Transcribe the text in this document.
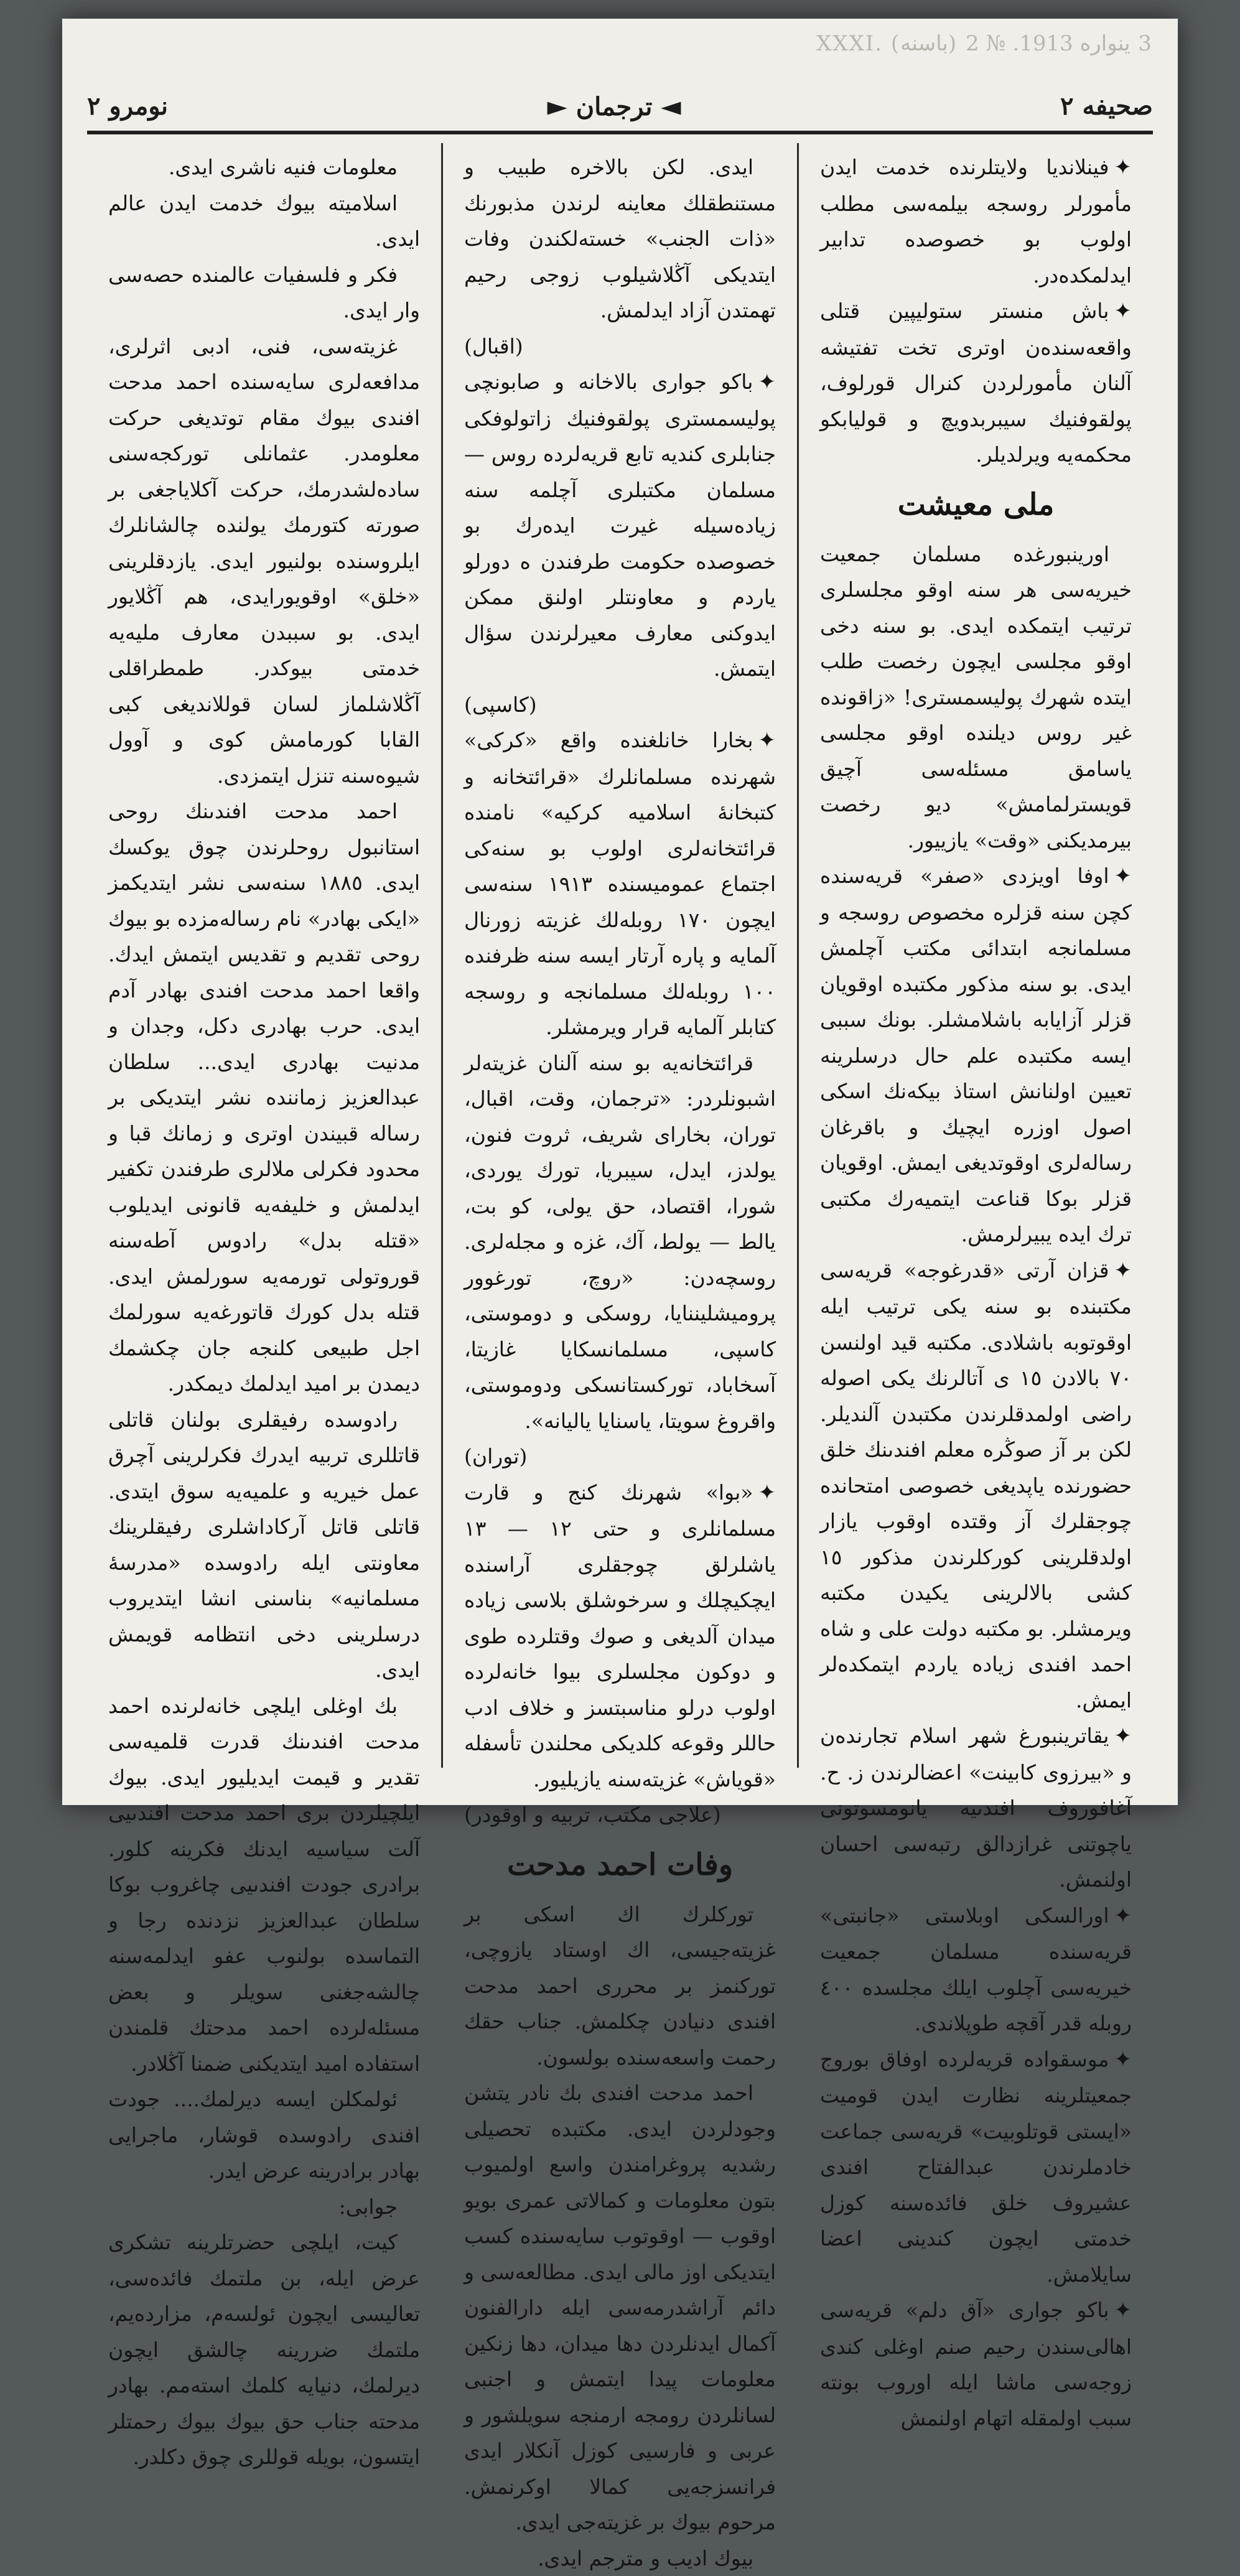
XXXI. (ﺑﺎﺳﻨﻪ) 3 ﻳﻨﻮﺍﺭﻩ 1913. № 2
ﺻﺤﻴﻔﻪ ٢
◄ ﺗﺮﺟﻤﺎﻥ ►
ﻧﻮﻣﺮﻭ ٢

✦ﻓﻴﻨﻠﺎﻧﺪﻳﺎ ﻭﻟﺎﻳﺘﻠﺮﻧﺪﻩ ﺧﺪﻣﺖ ﺍﻳﺪﻥ ﻣﺄﻣﻮﺭﻟﺮ ﺭﻭﺳﺠﻪ ﺑﻴﻠﻤﻪﺳﻰ ﻣﻄﻠﺐ ﺍﻭﻟﻮﺏ ﺑﻮ ﺧﺼﻮﺻﺪﻩ ﺗﺪﺍﺑﻴﺮ ﺍﻳﺪﻟﻤﻜﺪﻩﺩﺭ.

✦ﺑﺎﺵ ﻣﻨﺴﺘﺮ ﺳﺘﻮﻟﻴﭙﻴﻦ ﻗﺘﻠﻰ ﻭﺍﻗﻌﻪﺳﻨﺪﻩﻥ ﺍﻭﺗﺮﻯ ﺗﺨﺖ ﺗﻔﺘﻴﺸﻪ ﺁﻟﻨﺎﻥ ﻣﺄﻣﻮﺭﻟﺮﺩﻥ ﻛﻨﺮﺍﻝ ﻗﻮﺭﻟﻮﻑ، ﭘﻮﻟﻘﻮﻓﻨﻴﻚ ﺳﻴﺒﺮﺑﺪﻭﻳﭻ ﻭ ﻗﻮﻟﻴﺎﺑﻜﻮ ﻣﺤﻜﻤﻪﻳﻪ ﻭﻳﺮﻟﺪﻳﻠﺮ.

ﻣﻠﻰ ﻣﻌﻴﺸﺖ

ﺍﻭﺭﻳﻨﺒﻮﺭﻏﺪﻩ ﻣﺴﻠﻤﺎﻥ ﺟﻤﻌﻴﺖ ﺧﻴﺮﻳﻪﺳﻰ ﻫﺮ ﺳﻨﻪ ﺍﻭﻗﻮ ﻣﺠﻠﺴﻠﺮﻯ ﺗﺮﺗﻴﺐ ﺍﻳﺘﻤﻜﺪﻩ ﺍﻳﺪﻯ. ﺑﻮ ﺳﻨﻪ ﺩﺧﻰ ﺍﻭﻗﻮ ﻣﺠﻠﺴﻰ ﺍﻳﭽﻮﻥ ﺭﺧﺼﺖ ﻃﻠﺐ ﺍﻳﺘﺪﻩ ﺷﻬﺮﻙ ﭘﻮﻟﻴﺴﻤﺴﺘﺮﻯ! «ﺯﺍﻗﻮﻧﺪﻩ ﻏﻴﺮ ﺭﻭﺱ ﺩﻳﻠﻨﺪﻩ ﺍﻭﻗﻮ ﻣﺠﻠﺴﻰ ﻳﺎﺳﺎﻣﻖ ﻣﺴﺌﻠﻪﺳﻰ ﺁﭼﻴﻖ ﻗﻮﻳﺴﺘﺮﻟﻤﺎﻣﺶ» ﺩﻳﻮ ﺭﺧﺼﺖ ﺑﻴﺮﻣﺪﻳﻜﻨﻰ «ﻭﻗﺖ» ﻳﺎﺯﻳﻴﻮﺭ.

✦ﺍﻭﻓﺎ ﺍﻭﻳﺰﺩﻯ «ﺻﻔﺮ» ﻗﺮﻳﻪﺳﻨﺪﻩ ﻛﭽﻦ ﺳﻨﻪ ﻗﺰﻟﺮﻩ ﻣﺨﺼﻮﺹ ﺭﻭﺳﺠﻪ ﻭ ﻣﺴﻠﻤﺎﻧﺠﻪ ﺍﺑﺘﺪﺍﺋﻰ ﻣﻜﺘﺐ ﺁﭼﻠﻤﺶ ﺍﻳﺪﻯ. ﺑﻮ ﺳﻨﻪ ﻣﺬﻛﻮﺭ ﻣﻜﺘﺒﺪﻩ ﺍﻭﻗﻮﻳﺎﻥ ﻗﺰﻟﺮ ﺁﺯﺍﻳﺎﺑﻪ ﺑﺎﺷﻠﺎﻣﺸﻠﺮ. ﺑﻮﻧﻚ ﺳﺒﺒﻰ ﺍﻳﺴﻪ ﻣﻜﺘﺒﺪﻩ ﻋﻠﻢ ﺣﺎﻝ ﺩﺭﺳﻠﺮﻳﻨﻪ ﺗﻌﻴﻴﻦ ﺍﻭﻟﻨﺎﻧﺶ ﺍﺳﺘﺎﺫ ﺑﻴﻜﻪﻧﻚ ﺍﺳﻜﻰ ﺍﺻﻮﻝ ﺍﻭﺯﺭﻩ ﺍﻳﭽﻴﻚ ﻭ ﺑﺎﻗﺮﻏﺎﻥ ﺭﺳﺎﻟﻪﻟﺮﻯ ﺍﻭﻗﻮﺗﺪﻳﻐﻰ ﺍﻳﻤﺶ. ﺍﻭﻗﻮﻳﺎﻥ ﻗﺰﻟﺮ ﺑﻮﻛﺎ ﻗﻨﺎﻋﺖ ﺍﻳﺘﻤﻴﻪﺭﻙ ﻣﻜﺘﺒﻰ ﺗﺮﻙ ﺍﻳﺪﻩ ﻳﺒﻴﺮﻟﺮﻣﺶ.

✦ﻗﺰﺍﻥ ﺁﺭﺗﻰ «ﻗﺪﺭﻏﻮﺟﻪ» ﻗﺮﻳﻪﺳﻰ ﻣﻜﺘﺒﻨﺪﻩ ﺑﻮ ﺳﻨﻪ ﻳﻜﻰ ﺗﺮﺗﻴﺐ ﺍﻳﻠﻪ ﺍﻭﻗﻮﺗﻮﺑﻪ ﺑﺎﺷﻠﺎﺩﻯ. ﻣﻜﺘﺒﻪ ﻗﻴﺪ ﺍﻭﻟﻨﺴﻦ ٧٠ ﺑﺎﻟﺎﺩﻥ ١٥ ﻯ ﺁﺗﺎﻟﺮﻧﻚ ﻳﻜﻰ ﺍﺻﻮﻟﻪ ﺭﺍﺿﻰ ﺍﻭﻟﻤﺪﻗﻠﺮﻧﺪﻥ ﻣﻜﺘﺒﺪﻥ ﺁﻟﻨﺪﻳﻠﺮ. ﻟﻜﻦ ﺑﺮ ﺁﺯ ﺻﻮﯕﺮﻩ ﻣﻌﻠﻢ ﺍﻓﻨﺪﯨﻨﻚ ﺧﻠﻖ ﺣﻀﻮﺭﻧﺪﻩ ﻳﺎﭘﺪﻳﻐﻰ ﺧﺼﻮﺻﻰ ﺍﻣﺘﺤﺎﻧﺪﻩ ﭼﻮﺟﻘﻠﺮﻙ ﺁﺯ ﻭﻗﺘﺪﻩ ﺍﻭﻗﻮﺏ ﻳﺎﺯﺍﺭ ﺍﻭﻟﺪﻗﻠﺮﻳﻨﻰ ﻛﻮﺭﻛﻠﺮﻧﺪﻥ ﻣﺬﻛﻮﺭ ١٥ ﻛﺸﻰ ﺑﺎﻟﺎﻟﺮﻳﻨﻰ ﻳﻜﻴﺪﻥ ﻣﻜﺘﺒﻪ ﻭﻳﺮﻣﺸﻠﺮ. ﺑﻮ ﻣﻜﺘﺒﻪ ﺩﻭﻟﺖ ﻋﻠﻰ ﻭ ﺷﺎﻩ ﺍﺣﻤﺪ ﺍﻓﻨﺪﻯ ﺯﻳﺎﺩﻩ ﻳﺎﺭﺩﻡ ﺍﻳﺘﻤﻜﺪﻩﻟﺮ ﺍﻳﻤﺶ.

✦ﻳﻘﺎﺗﺮﻳﻨﺒﻮﺭﻍ ﺷﻬﺮ ﺍﺳﻠﺎﻡ ﺗﺠﺎﺭﻧﺪﻩﻥ ﻭ «ﺑﻴﺮﺯﻭﻯ ﻛﺎﺑﻴﻨﺖ» ﺍﻋﻀﺎﻟﺮﻧﺪﻥ ﺯ. ﺡ. ﺁﻏﺎﻓﻮﺭﻭﻑ ﺍﻓﻨﺪﯨﻴﻪ ﻳﺎﻧﻮﻣﺴﻮﺗﻮﻧﻰ ﻳﺎﭼﻮﺗﻨﻰ ﻏﺮﺍﺯﺩﺍﻟﻖ ﺭﺗﺒﻪﺳﻰ ﺍﺣﺴﺎﻥ ﺍﻭﻟﻨﻤﺶ.

✦ﺍﻭﺭﺍﻟﺴﻜﻰ ﺍﻭﺑﻠﺎﺳﺘﻰ «ﺟﺎﻧﺒﺘﻰ» ﻗﺮﻳﻪﺳﻨﺪﻩ ﻣﺴﻠﻤﺎﻥ ﺟﻤﻌﻴﺖ ﺧﻴﺮﻳﻪﺳﻰ ﺁﭼﻠﻮﺏ ﺍﻳﻠﻚ ﻣﺠﻠﺴﺪﻩ ٤٠٠ ﺭﻭﺑﻠﻪ ﻗﺪﺭ ﺁﻗﭽﻪ ﻃﻮﭘﻠﺎﻧﺪﻯ.

✦ﻣﻮﺳﻘﻮﺍﺩﻩ ﻗﺮﻳﻪﻟﺮﺩﻩ ﺍﻭﻓﺎﻕ ﺑﻮﺭﻭﺝ ﺟﻤﻌﻴﺘﻠﺮﻳﻨﻪ ﻧﻈﺎﺭﺕ ﺍﻳﺪﻥ ﻗﻮﻣﻴﺖ «ﺍﻳﺴﺘﻰ ﻗﻮﺗﻠﻮﺑﻴﺖ» ﻗﺮﻳﻪﺳﻰ ﺟﻤﺎﻋﺖ ﺧﺎﺩﻣﻠﺮﻧﺪﻥ ﻋﺒﺪﺍﻟﻔﺘﺎﺡ ﺍﻓﻨﺪﻯ ﻋﺸﻴﺮﻭﻑ ﺧﻠﻖ ﻓﺎﺋﺪﻩﺳﻨﻪ ﻛﻮﺯﻝ ﺧﺪﻣﺘﻰ ﺍﻳﭽﻮﻥ ﻛﻨﺪﻳﻨﻰ ﺍﻋﻀﺎ ﺳﺎﻳﻠﺎﻣﺶ.

✦ﺑﺎﻛﻮ ﺟﻮﺍﺭﻯ «ﺁﻕ ﺩﻟﻢ» ﻗﺮﻳﻪﺳﻰ ﺍﻫﺎﻟﻰﺳﻨﺪﻥ ﺭﺣﻴﻢ ﺻﻨﻢ ﺍﻭﻏﻠﻰ ﻛﻨﺪﻯ ﺯﻭﺟﻪﺳﻰ ﻣﺎﺷﺎ ﺍﻳﻠﻪ ﺍﻭﺭﻭﺏ ﺑﻮﻧﺘﻪ ﺳﺒﺐ ﺍﻭﻟﻤﻘﻠﻪ ﺍﺗﻬﺎﻡ ﺍﻭﻟﻨﻤﺶ

ﺍﻳﺪﻯ. ﻟﻜﻦ ﺑﺎﻟﺎﺧﺮﻩ ﻃﺒﻴﺐ ﻭ ﻣﺴﺘﻨﻄﻘﻠﻚ ﻣﻌﺎﻳﻨﻪ ﻟﺮﻧﺪﻥ ﻣﺬﺑﻮﺭﻧﻚ «ﺫﺍﺕ ﺍﻟﺠﻨﺐ» ﺧﺴﺘﻪﻟﻜﻨﺪﻥ ﻭﻓﺎﺕ ﺍﻳﺘﺪﻳﻜﻰ ﺁﯕﻠﺎﺷﻴﻠﻮﺏ ﺯﻭﺟﻰ ﺭﺣﻴﻢ ﺗﻬﻤﺘﺪﻥ ﺁﺯﺍﺩ ﺍﻳﺪﻟﻤﺶ.

(ﺍﻗﺒﺎﻝ)

✦ﺑﺎﻛﻮ ﺟﻮﺍﺭﻯ ﺑﺎﻟﺎﺧﺎﻧﻪ ﻭ ﺻﺎﺑﻮﻧﭽﻰ ﭘﻮﻟﻴﺴﻤﺴﺘﺮﻯ ﭘﻮﻟﻘﻮﻓﻨﻴﻚ ﺯﺍﺗﻮﻟﻮﻓﻜﻰ ﺟﻨﺎﺑﻠﺮﻯ ﻛﻨﺪﻳﻪ ﺗﺎﺑﻊ ﻗﺮﻳﻪﻟﺮﺩﻩ ﺭﻭﺱ — ﻣﺴﻠﻤﺎﻥ ﻣﻜﺘﺒﻠﺮﻯ ﺁﭼﻠﻤﻪ ﺳﻨﻪ ﺯﻳﺎﺩﻩﺳﻴﻠﻪ ﻏﻴﺮﺕ ﺍﻳﺪﻩﺭﻙ ﺑﻮ ﺧﺼﻮﺻﺪﻩ ﺣﻜﻮﻣﺖ ﻃﺮﻓﻨﺪﻥ ﻩ ﺩﻭﺭﻟﻮ ﻳﺎﺭﺩﻡ ﻭ ﻣﻌﺎﻭﻧﺘﻠﺮ ﺍﻭﻟﻨﻖ ﻣﻤﻜﻦ ﺍﻳﺪﻭﻛﻨﻰ ﻣﻌﺎﺭﻑ ﻣﻌﻴﺮﻟﺮﻧﺪﻥ ﺳﺆﺍﻝ ﺍﻳﺘﻤﺶ.

(ﻛﺎﺳﭙﻰ)

✦ﺑﺨﺎﺭﺍ ﺧﺎﻧﻠﻐﻨﺪﻩ ﻭﺍﻗﻊ «ﻛﺮﻛﻰ» ﺷﻬﺮﻧﺪﻩ ﻣﺴﻠﻤﺎﻧﻠﺮﻙ «ﻗﺮﺍﺋﺘﺨﺎﻧﻪ ﻭ ﻛﺘﺒﺨﺎﻧﻪٔ ﺍﺳﻠﺎﻣﻴﻪ ﻛﺮﻛﻴﻪ» ﻧﺎﻣﻨﺪﻩ ﻗﺮﺍﺋﺘﺨﺎﻧﻪﻟﺮﻯ ﺍﻭﻟﻮﺏ ﺑﻮ ﺳﻨﻪﻛﻰ ﺍﺟﺘﻤﺎﻉ ﻋﻤﻮﻣﻴﺴﻨﺪﻩ ١٩١٣ ﺳﻨﻪﺳﻰ ﺍﻳﭽﻮﻥ ١٧٠ ﺭﻭﺑﻠﻪﻟﻚ ﻏﺰﻳﺘﻪ ﺯﻭﺭﻧﺎﻝ ﺁﻟﻤﺎﻳﻪ ﻭ ﭘﺎﺭﻩ ﺁﺭﺗﺎﺭ ﺍﻳﺴﻪ ﺳﻨﻪ ﻇﺮﻓﻨﺪﻩ ١٠٠ ﺭﻭﺑﻠﻪﻟﻚ ﻣﺴﻠﻤﺎﻧﺠﻪ ﻭ ﺭﻭﺳﺠﻪ ﻛﺘﺎﺑﻠﺮ ﺁﻟﻤﺎﻳﻪ ﻗﺮﺍﺭ ﻭﻳﺮﻣﺸﻠﺮ.

ﻗﺮﺍﺋﺘﺨﺎﻧﻪﻳﻪ ﺑﻮ ﺳﻨﻪ ﺁﻟﻨﺎﻥ ﻏﺰﻳﺘﻪﻟﺮ ﺍﺷﺒﻮﻧﻠﺮﺩﺭ: «ﺗﺮﺟﻤﺎﻥ، ﻭﻗﺖ، ﺍﻗﺒﺎﻝ، ﺗﻮﺭﺍﻥ، ﺑﺨﺎﺭﺍﻯ ﺷﺮﻳﻒ، ﺛﺮﻭﺕ ﻓﻨﻮﻥ، ﻳﻮﻟﺪﺯ، ﺍﻳﺪﻝ، ﺳﻴﺒﺮﻳﺎ، ﺗﻮﺭﻙ ﻳﻮﺭﺩﻯ، ﺷﻮﺭﺍ، ﺍﻗﺘﺼﺎﺩ، ﺣﻖ ﻳﻮﻟﻰ، ﻛﻮ ﺑﺖ، ﻳﺎﻟﻂ — ﻳﻮﻟﻂ، ﺁﻙ، ﻏﺰﻩ ﻭ ﻣﺠﻠﻪﻟﺮﻯ. ﺭﻭﺳﭽﻪﺩﻥ: «ﺭﻭﭺ، ﺗﻮﺭﻏﻮﻭﺭ ﭘﺮﻭﻣﻴﺸﻠﻴﻨﻨﺎﻳﺎ، ﺭﻭﺳﻜﻰ ﻭ ﺩﻭﻣﻮﺳﺘﻰ، ﻛﺎﺳﭙﻰ، ﻣﺴﻠﻤﺎﻧﺴﻜﺎﻳﺎ ﻏﺎﺯﻳﺘﺎ، ﺁﺳﺨﺎﺑﺎﺩ، ﺗﻮﺭﻛﺴﺘﺎﻧﺴﻜﻰ ﻭﺩﻭﻣﻮﺳﺘﻰ، ﻭﺍﻗﺮﻭﻍ ﺳﻮﻳﺘﺎ، ﻳﺎﺳﻨﺎﻳﺎ ﻳﺎﻟﻴﺎﻧﻪ».

(ﺗﻮﺭﺍﻥ)

✦«ﺑﻮﺍ» ﺷﻬﺮﻧﻚ ﻛﻨﺞ ﻭ ﻗﺎﺭﺕ ﻣﺴﻠﻤﺎﻧﻠﺮﻯ ﻭ ﺣﺘﻰ ١٢ — ١٣ ﻳﺎﺷﻠﺮﻟﻖ ﭼﻮﺟﻘﻠﺮﻯ ﺁﺭﺍﺳﻨﺪﻩ ﺍﻳﭽﻜﻴﭽﻠﻚ ﻭ ﺳﺮﺧﻮﺷﻠﻖ ﺑﻠﺎﺳﻰ ﺯﻳﺎﺩﻩ ﻣﻴﺪﺍﻥ ﺁﻟﺪﻳﻐﻰ ﻭ ﺻﻮﻙ ﻭﻗﺘﻠﺮﺩﻩ ﻃﻮﻯ ﻭ ﺩﻭﻛﻮﻥ ﻣﺠﻠﺴﻠﺮﻯ ﺑﻴﻮﺍ ﺧﺎﻧﻪﻟﺮﺩﻩ ﺍﻭﻟﻮﺏ ﺩﺭﻟﻮ ﻣﻨﺎﺳﺒﺘﺴﺰ ﻭ ﺧﻠﺎﻑ ﺍﺩﺏ ﺣﺎﻟﻠﺮ ﻭﻗﻮﻋﻪ ﻛﻠﺪﻳﻜﻰ ﻣﺤﻠﻨﺪﻥ ﺗﺄﺳﻔﻠﻪ «ﻗﻮﻳﺎﺵ» ﻏﺰﻳﺘﻪﺳﻨﻪ ﻳﺎﺯﻳﻠﻴﻮﺭ.

(ﻋﻠﺎﺟﻰ ﻣﻜﺘﺐ، ﺗﺮﺑﻴﻪ ﻭ ﺍﻭﻗﻮﺩﺭ)

ﻭﻓﺎﺕ ﺍﺣﻤﺪ ﻣﺪﺣﺖ

ﺗﻮﺭﻛﻠﺮﻙ ﺍﻙ ﺍﺳﻜﻰ ﺑﺮ ﻏﺰﻳﺘﻪﺟﻴﺴﻰ، ﺍﻙ ﺍﻭﺳﺘﺎﺩ ﻳﺎﺯﻭﭼﻰ، ﺗﻮﺭﻛﻨﻤﺰ ﺑﺮ ﻣﺤﺮﺭﻯ ﺍﺣﻤﺪ ﻣﺪﺣﺖ ﺍﻓﻨﺪﻯ ﺩﻧﻴﺎﺩﻥ ﭼﻜﻠﻤﺶ. ﺟﻨﺎﺏ ﺣﻘﻚ ﺭﺣﻤﺖ ﻭﺍﺳﻌﻪﺳﻨﺪﻩ ﺑﻮﻟﺴﻮﻥ.

ﺍﺣﻤﺪ ﻣﺪﺣﺖ ﺍﻓﻨﺪﻯ ﺑﻚ ﻧﺎﺩﺭ ﻳﺘﺸﻦ ﻭﺟﻮﺩﻟﺮﺩﻥ ﺍﻳﺪﻯ. ﻣﻜﺘﺒﺪﻩ ﺗﺤﺼﻴﻠﻰ ﺭﺷﺪﻳﻪ ﭘﺮﻭﻏﺮﺍﻣﻨﺪﻥ ﻭﺍﺳﻊ ﺍﻭﻟﻤﻴﻮﺏ ﺑﺘﻮﻥ ﻣﻌﻠﻮﻣﺎﺕ ﻭ ﻛﻤﺎﻟﺎﺗﻰ ﻋﻤﺮﻯ ﺑﻮﻳﻮ ﺍﻭﻗﻮﺏ — ﺍﻭﻗﻮﺗﻮﺏ ﺳﺎﻳﻪﺳﻨﺪﻩ ﻛﺴﺐ ﺍﻳﺘﺪﻳﻜﻰ ﺍﻭﺯ ﻣﺎﻟﻰ ﺍﻳﺪﻯ. ﻣﻄﺎﻟﻌﻪﺳﻰ ﻭ ﺩﺍﺋﻢ ﺁﺭﺍﺷﺪﺭﻣﻪﺳﻰ ﺍﻳﻠﻪ ﺩﺍﺭﺍﻟﻔﻨﻮﻥ ﺁﻛﻤﺎﻝ ﺍﻳﺪﻧﻠﺮﺩﻥ ﺩﻫﺎ ﻣﻴﺪﺍﻥ، ﺩﻫﺎ ﺯﻧﻜﻴﻦ ﻣﻌﻠﻮﻣﺎﺕ ﭘﻴﺪﺍ ﺍﻳﺘﻤﺶ ﻭ ﺍﺟﻨﺒﻰ ﻟﺴﺎﻧﻠﺮﺩﻥ ﺭﻭﻣﺠﻪ ﺍﺭﻣﻨﺠﻪ ﺳﻮﻳﻠﺸﻮﺭ ﻭ ﻋﺮﺑﻰ ﻭ ﻓﺎﺭﺳﻴﻰ ﻛﻮﺯﻝ ﺁﻧﻜﻠﺎﺭ ﺍﻳﺪﻯ ﻓﺮﺍﻧﺴﺰﺟﻪﻳﻰ ﻛﻤﺎﻟﺎ ﺍﻭﻛﺮﻧﻤﺶ. ﻣﺮﺣﻮﻡ ﺑﻴﻮﻙ ﺑﺮ ﻏﺰﻳﺘﻪﺟﻰ ﺍﻳﺪﻯ.

ﺑﻴﻮﻙ ﺍﺩﻳﺐ ﻭ ﻣﺘﺮﺟﻢ ﺍﻳﺪﻯ.

ﻣﻌﻠﻮﻣﺎﺕ ﻓﻨﻴﻪ ﻧﺎﺷﺮﻯ ﺍﻳﺪﻯ.

ﺍﺳﻠﺎﻣﻴﺘﻪ ﺑﻴﻮﻙ ﺧﺪﻣﺖ ﺍﻳﺪﻥ ﻋﺎﻟﻢ ﺍﻳﺪﻯ.

ﻓﻜﺮ ﻭ ﻓﻠﺴﻔﻴﺎﺕ ﻋﺎﻟﻤﻨﺪﻩ ﺣﺼﻪﺳﻰ ﻭﺍﺭ ﺍﻳﺪﻯ.

ﻏﺰﻳﺘﻪﺳﻰ، ﻓﻨﻰ، ﺍﺩﺑﻰ ﺍﺛﺮﻟﺮﻯ، ﻣﺪﺍﻓﻌﻪﻟﺮﻯ ﺳﺎﻳﻪﺳﻨﺪﻩ ﺍﺣﻤﺪ ﻣﺪﺣﺖ ﺍﻓﻨﺪﻯ ﺑﻴﻮﻙ ﻣﻘﺎﻡ ﺗﻮﺗﺪﻳﻐﻰ ﺣﺮﻛﺖ ﻣﻌﻠﻮﻣﺪﺭ. ﻋﺜﻤﺎﻧﻠﻰ ﺗﻮﺭﻛﺠﻪﺳﻨﻰ ﺳﺎﺩﻩﻟﺸﺪﺭﻣﻚ، ﺣﺮﻛﺖ ﺁﻛﻠﺎﻳﺎﺟﻐﻰ ﺑﺮ ﺻﻮﺭﺗﻪ ﻛﺘﻮﺭﻣﻚ ﻳﻮﻟﻨﺪﻩ ﭼﺎﻟﺸﺎﻧﻠﺮﻙ ﺍﻳﻠﺮﻭﺳﻨﺪﻩ ﺑﻮﻟﻨﻴﻮﺭ ﺍﻳﺪﻯ. ﻳﺎﺯﺩﻗﻠﺮﻳﻨﻰ «ﺧﻠﻖ» ﺍﻭﻗﻮﻳﻮﺭﺍﻳﺪﻯ، ﻫﻢ ﺁﯕﻠﺎﻳﻮﺭ ﺍﻳﺪﻯ. ﺑﻮ ﺳﺒﺒﺪﻥ ﻣﻌﺎﺭﻑ ﻣﻠﻴﻪﻳﻪ ﺧﺪﻣﺘﻰ ﺑﻴﻮﻛﺪﺭ. ﻃﻤﻄﺮﺍﻗﻠﻰ ﺁﯕﻠﺎﺷﻠﻤﺎﺯ ﻟﺴﺎﻥ ﻗﻮﻟﻠﺎﻧﺪﻳﻐﻰ ﻛﺒﻰ ﺍﻟﻘﺎﺑﺎ ﻛﻮﺭﻣﺎﻣﺶ ﻛﻮﻯ ﻭ ﺁﻭﻭﻝ ﺷﻴﻮﻩﺳﻨﻪ ﺗﻨﺰﻝ ﺍﻳﺘﻤﺰﺩﻯ.

ﺍﺣﻤﺪ ﻣﺪﺣﺖ ﺍﻓﻨﺪﯨﻨﻚ ﺭﻭﺣﻰ ﺍﺳﺘﺎﻧﺒﻮﻝ ﺭﻭﺣﻠﺮﻧﺪﻥ ﭼﻮﻕ ﻳﻮﻛﺴﻚ ﺍﻳﺪﻯ. ١٨٨٥ ﺳﻨﻪﺳﻰ ﻧﺸﺮ ﺍﻳﺘﺪﻳﻜﻤﺰ «ﺍﻳﻜﻰ ﺑﻬﺎﺩﺭ» ﻧﺎﻡ ﺭﺳﺎﻟﻪﻣﺰﺩﻩ ﺑﻮ ﺑﻴﻮﻙ ﺭﻭﺣﻰ ﺗﻘﺪﻳﻢ ﻭ ﺗﻘﺪﻳﺲ ﺍﻳﺘﻤﺶ ﺍﻳﺪﻙ. ﻭﺍﻗﻌﺎ ﺍﺣﻤﺪ ﻣﺪﺣﺖ ﺍﻓﻨﺪﻯ ﺑﻬﺎﺩﺭ ﺁﺩﻡ ﺍﻳﺪﻯ. ﺣﺮﺏ ﺑﻬﺎﺩﺭﻯ ﺩﻛﻞ، ﻭﺟﺪﺍﻥ ﻭ ﻣﺪﻧﻴﺖ ﺑﻬﺎﺩﺭﻯ ﺍﻳﺪﻯ... ﺳﻠﻄﺎﻥ ﻋﺒﺪﺍﻟﻌﺰﻳﺰ ﺯﻣﺎﻧﻨﺪﻩ ﻧﺸﺮ ﺍﻳﺘﺪﻳﻜﻰ ﺑﺮ ﺭﺳﺎﻟﻪ ﻗﺒﻴﻨﺪﻥ ﺍﻭﺗﺮﻯ ﻭ ﺯﻣﺎﻧﻚ ﻗﺒﺎ ﻭ ﻣﺤﺪﻭﺩ ﻓﻜﺮﻟﻰ ﻣﻠﺎﻟﺮﻯ ﻃﺮﻓﻨﺪﻥ ﺗﻜﻔﻴﺮ ﺍﻳﺪﻟﻤﺶ ﻭ ﺧﻠﻴﻔﻪﻳﻪ ﻗﺎﻧﻮﻧﻰ ﺍﻳﺪﻳﻠﻮﺏ «ﻗﺘﻠﻪ ﺑﺪﻝ» ﺭﺍﺩﻭﺱ ﺁﻃﻪﺳﻨﻪ ﻗﻮﺭﻭﺗﻮﻟﻰ ﺗﻮﺭﻣﻪﻳﻪ ﺳﻮﺭﻟﻤﺶ ﺍﻳﺪﻯ. ﻗﺘﻠﻪ ﺑﺪﻝ ﻛﻮﺭﻙ ﻗﺎﺗﻮﺭﻏﻪﻳﻪ ﺳﻮﺭﻟﻤﻚ ﺍﺟﻞ ﻃﺒﻴﻌﻰ ﻛﻠﻨﺠﻪ ﺟﺎﻥ ﭼﻜﺸﻤﻚ ﺩﻳﻤﺪﻥ ﺑﺮ ﺍﻣﻴﺪ ﺍﻳﺪﻟﻤﻚ ﺩﻳﻤﻜﺪﺭ.

ﺭﺍﺩﻭﺳﺪﻩ ﺭﻓﻴﻘﻠﺮﻯ ﺑﻮﻟﻨﺎﻥ ﻗﺎﺗﻠﻰ ﻗﺎﺗﻠﻠﺮﻯ ﺗﺮﺑﻴﻪ ﺍﻳﺪﺭﻙ ﻓﻜﺮﻟﺮﻳﻨﻰ ﺁﭼﺮﻕ ﻋﻤﻞ ﺧﻴﺮﻳﻪ ﻭ ﻋﻠﻤﻴﻪﻳﻪ ﺳﻮﻕ ﺍﻳﺘﺪﻯ. ﻗﺎﺗﻠﻰ ﻗﺎﺗﻞ ﺁﺭﻛﺎﺩﺍﺷﻠﺮﻯ ﺭﻓﻴﻘﻠﺮﻳﻨﻚ ﻣﻌﺎﻭﻧﺘﻰ ﺍﻳﻠﻪ ﺭﺍﺩﻭﺳﺪﻩ «ﻣﺪﺭﺳﻪٔ ﻣﺴﻠﻤﺎﻧﻴﻪ» ﺑﻨﺎﺳﻨﻰ ﺍﻧﺸﺎ ﺍﻳﺘﺪﻳﺮﻭﺏ ﺩﺭﺳﻠﺮﻳﻨﻰ ﺩﺧﻰ ﺍﻧﺘﻈﺎﻣﻪ ﻗﻮﻳﻤﺶ ﺍﻳﺪﻯ.

ﺑﻚ ﺍﻭﻏﻠﻰ ﺍﻳﻠﭽﻰ ﺧﺎﻧﻪﻟﺮﻧﺪﻩ ﺍﺣﻤﺪ ﻣﺪﺣﺖ ﺍﻓﻨﺪﯨﻨﻚ ﻗﺪﺭﺕ ﻗﻠﻤﻴﻪﺳﻰ ﺗﻘﺪﻳﺮ ﻭ ﻗﻴﻤﺖ ﺍﻳﺪﻳﻠﻴﻮﺭ ﺍﻳﺪﻯ. ﺑﻴﻮﻙ ﺍﻳﻠﭽﻴﻠﺮﺩﻥ ﺑﺮﻯ ﺍﺣﻤﺪ ﻣﺪﺣﺖ ﺍﻓﻨﺪﯨﻴﻰ ﺁﻟﺖ ﺳﻴﺎﺳﻴﻪ ﺍﻳﺪﻧﻚ ﻓﻜﺮﻳﻨﻪ ﻛﻠﻮﺭ. ﺑﺮﺍﺩﺭﻯ ﺟﻮﺩﺕ ﺍﻓﻨﺪﯨﻴﻰ ﭼﺎﻏﺮﻭﺏ ﺑﻮﻛﺎ ﺳﻠﻄﺎﻥ ﻋﺒﺪﺍﻟﻌﺰﻳﺰ ﻧﺰﺩﻧﺪﻩ ﺭﺟﺎ ﻭ ﺍﻟﺘﻤﺎﺳﺪﻩ ﺑﻮﻟﻨﻮﺏ ﻋﻔﻮ ﺍﻳﺪﻟﻤﻪﺳﻨﻪ ﭼﺎﻟﺸﻪﺟﻐﻨﻰ ﺳﻮﻳﻠﺮ ﻭ ﺑﻌﺾ ﻣﺴﺌﻠﻪﻟﺮﺩﻩ ﺍﺣﻤﺪ ﻣﺪﺣﺘﻚ ﻗﻠﻤﻨﺪﻥ ﺍﺳﺘﻔﺎﺩﻩ ﺍﻣﻴﺪ ﺍﻳﺘﺪﻳﻜﻨﻰ ﺿﻤﻨﺎ ﺁﯕﻠﺎﺩﺭ.

ﺋﻮﻟﻤﻜﻠﻦ ﺍﻳﺴﻪ ﺩﻳﺮﻟﻤﻚ.... ﺟﻮﺩﺕ ﺍﻓﻨﺪﻯ ﺭﺍﺩﻭﺳﺪﻩ ﻗﻮﺷﺎﺭ، ﻣﺎﺟﺮﺍﻳﻰ ﺑﻬﺎﺩﺭ ﺑﺮﺍﺩﺭﻳﻨﻪ ﻋﺮﺽ ﺍﻳﺪﺭ.

ﺟﻮﺍﺑﻰ:

ﻛﻴﺖ، ﺍﻳﻠﭽﻰ ﺣﻀﺮﺗﻠﺮﻳﻨﻪ ﺗﺸﻜﺮﻯ ﻋﺮﺽ ﺍﻳﻠﻪ، ﺑﻦ ﻣﻠﺘﻤﻚ ﻓﺎﺋﺪﻩﺳﻰ، ﺗﻌﺎﻟﻴﺴﻰ ﺍﻳﭽﻮﻥ ﺋﻮﻟﺴﻪﻡ، ﻣﺰﺍﺭﺩﻩﻳﻢ، ﻣﻠﺘﻤﻚ ﺿﺮﺭﻳﻨﻪ ﭼﺎﻟﺸﻖ ﺍﻳﭽﻮﻥ ﺩﻳﺮﻟﻤﻚ، ﺩﻧﻴﺎﻳﻪ ﻛﻠﻤﻚ ﺍﺳﺘﻪﻣﻢ. ﺑﻬﺎﺩﺭ ﻣﺪﺣﺘﻪ ﺟﻨﺎﺏ ﺣﻖ ﺑﻴﻮﻙ ﺑﻴﻮﻙ ﺭﺣﻤﺘﻠﺮ ﺍﻳﺘﺴﻮﻥ، ﺑﻮﻳﻠﻪ ﻗﻮﻟﻠﺮﻯ ﭼﻮﻕ ﺩﻛﻠﺪﺭ.
